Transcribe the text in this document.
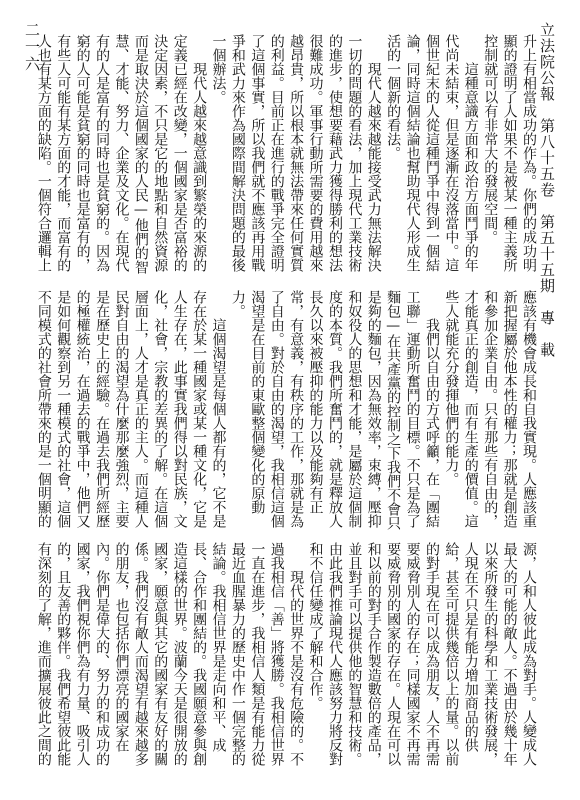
立法院公報　第八十五卷　第五十五期　專　載
二一六	升上有相當成功的作為。你們的成功明顯的證明了人如果不是被某一種主義所控制就可以有非常大的發展空間。
這種意識方面和政治方面鬥爭的年代尚未結束，但是逐漸在沒落當中。這個世紀末的人從這種鬥爭中得到一個結論，同時這個結論也幫助現代人形成生活的一個新的看法。
現代人越來越能接受武力無法解決一切的問題的看法，加上現代工業技術的進步，使想要藉武力獲得勝利的想法很難成功。軍事行動所需要的費用越來越昂貴，所以根本就無法帶來任何實質的利益。目前正在進行的戰爭完全證明了這個事實，所以我們就不應該再用戰爭和武力來作為國際間解決問題的最後一個辦法。
現代人越來越意識到繁榮的來源的定義已經在改變，一個國家是否富裕的決定因素，不只是它的地點和自然資源而是取決於這個國家的人民—他們的智慧、才能、努力、企業及文化。在現代有的人是富有的同時也是貧窮的。因為窮的人可能是貧窮的同時也是富有的，有些人可能有某方面的才能，而富有的人也有某方面的缺陷。一個符合邏輯上
應該有機會成長和自我實現。人應該重新把握屬於他本性的權力；那就是創造和參加企業自由。只有那些有自由的，才能真正的創造，而有生產的價值。這些人就能充分發揮他們的能力。
我們以自由的方式呼籲，在「團結工聯」運動所奮鬥的目標。不只是為了麵包—在共產黨的控制之下我們不會只是夠的麵包，因為無效率，束縛，壓抑和奴役人的思想和才能，是屬於這個制度的本質。我們所奮鬥的，就是釋放人長久以來被壓抑的能力以及能夠有正常，有意義，有秩序的工作，那就是為了自由。對於自由的渴望，我相信這個渴望是在目前的東歐整個變化的原動力。
這個渴望是每個人都有的，它不是存在於某一種國家或某一種文化，它是人生存在，此事實我們得以對民族，文化，社會，宗教的差異的了解。在這個層面上，人才是真正的主人。而這種人民對自由的渴望為什麼那麼強烈，主要是在歷史上的經驗。在過去我們所經歷的極權統治，在過去的戰爭中，他們又是如何觀察到另一種模式的社會，這個不同模式的社會所帶來的是一個明顯的
源，人和人彼此成為對手。人變成人最大的可能的敵人。不過由於幾十年以來所發生的科學和工業技術發展，人現在不只是有能力增加商品的供給，甚至可提供幾倍以上的量。以前的對手現在可以成為朋友，人不再需要威脅別人的存在；同樣國家不再需要威脅別的國家的存在。人現在可以和以前的對手合作製造數倍的產品，並且對手可以提供他的智慧和技術。由此我們推論現代人應該努力將反對和不信任變成了解和合作。
現代的世界不是沒有危險的。不過我相信「善」將獲勝。我相信世界一直在進步，我相信人類是有能力從最近血腥暴力的歷史中作一個完整的結論。我相信世界是走向和平、成長、合作和團結的。我國願意參與創造這樣的世界。波蘭今天是很開放的國家，願意與其它的國家有友好的關係。我們沒有敵人而渴望有越來越多的朋友，也包括你們漂亮的國家在內。你們是偉大的、努力的和成功的國家，我們視你們為有力量、吸引人的，且友善的夥伴。我們希望彼此能有深刻的了解，進而擴展彼此之間的
